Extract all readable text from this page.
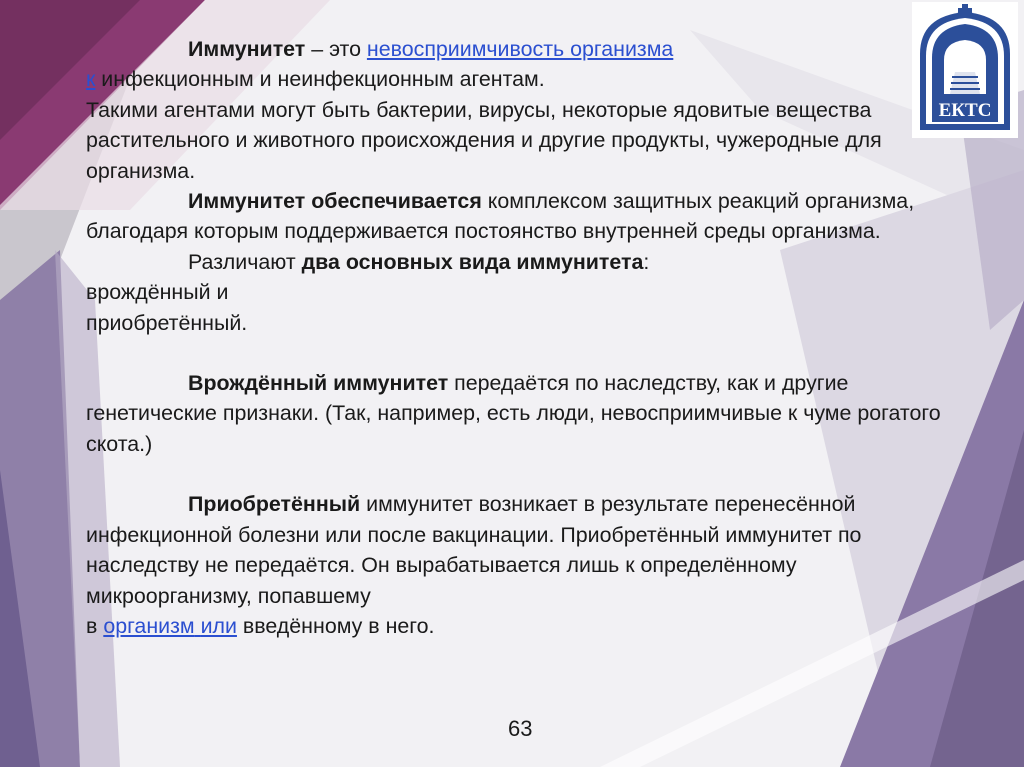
ЕКТС

Иммунитет – это невосприимчивость организма
к инфекционным и неинфекционным агентам.
Такими агентами могут быть бактерии, вирусы, некоторые ядовитые вещества растительного и животного происхождения и другие продукты, чужеродные для организма.

Иммунитет обеспечивается комплексом защитных реакций организма, благодаря которым поддерживается постоянство внутренней среды организма.

Различают два основных вида иммунитета:
врождённый и
приобретённый.

Врождённый иммунитет передаётся по наследству, как и другие генетические признаки. (Так, например, есть люди, невосприимчивые к чуме рогатого скота.)

Приобретённый иммунитет возникает в результате перенесённой инфекционной болезни или после вакцинации. Приобретённый иммунитет по наследству не передаётся. Он вырабатывается лишь к определённому микроорганизму, попавшему
в организм или введённому в него.

63
